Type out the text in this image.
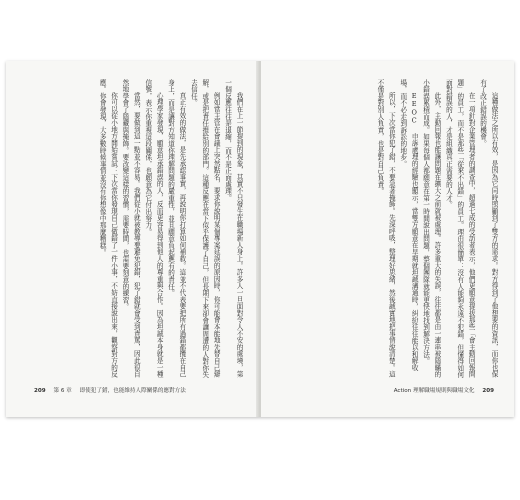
我們在上一節提到的現象，其實不只發生在職場新人身上。許多人一旦面對令人不安的處境，第一個反應往往是退縮，而不是正面處理。

例如當主管在會議上突然點名，要求你說明某個專案延誤的原因時，你可能會本能地先替自己辯解，或是把責任推給別的部門。這種反應在當下似乎保護了自己，但長期下來卻會讓周遭的人對你失去信任。

真正有效的做法，是先承認事實，再說明你打算如何補救。這並不代表要把所有過錯都攬在自己身上，而是讓對方知道你理解問題的嚴重性，並且願意負起應有的責任。

心理學家發現，願意坦承錯誤的人，反而更容易得到他人的尊重與合作。因為坦誠本身就是一種信號，表示你重視這段關係，也願意為它付出努力。

當然，要做到這一點並不容易。我們從小就被教導要避免犯錯，犯了錯就會受到責罵，因此很自然地學會了隱藏與掩飾。要改變這樣的習慣，需要時間，也需要刻意的練習。

你可以從小地方開始嘗試：下次當你發現自己做錯了一件小事，不妨直接說出來，觀察對方的反應。你會發現，大多數時候事情並沒有你想像中那麼糟糕。

209 第 6 章 即使犯了錯，也能維持人際關係的應對方法

這種做法之所以有效，是因為它同時照顧到了雙方的需求。對方得到了他想要的資訊，而你也保有了改正錯誤的機會。

在一項針對企業管理者的調查中，超過七成的受訪者表示，他們更願意提拔那些「會主動回報問題」的員工，而不是那些「從來不出錯」的員工。理由很簡單：沒有人能夠永遠不犯錯，但懂得如何面對錯誤的人，才是組織真正需要的人才。

此外，主動回報也能讓問題在擴大之前就被處理。許多重大的失誤，往往都是由一連串被隱瞞的小錯誤累積而成。如果每個人都願意在第一時間說出問題，整個團隊就能更快地找到解決方法。

EEOC 申訴處理的經驗也顯示，當雙方願意在早期就坦誠溝通時，糾紛往往能以和解收場，而不必走到訴訟的地步。

所以，下次當你犯了錯，不要急著掩飾。先深呼吸，整理好思緒，然後誠實地把事情說清楚。這不僅是對別人負責，也是對自己負責。

Action 理解職場規則與職場文化 209
